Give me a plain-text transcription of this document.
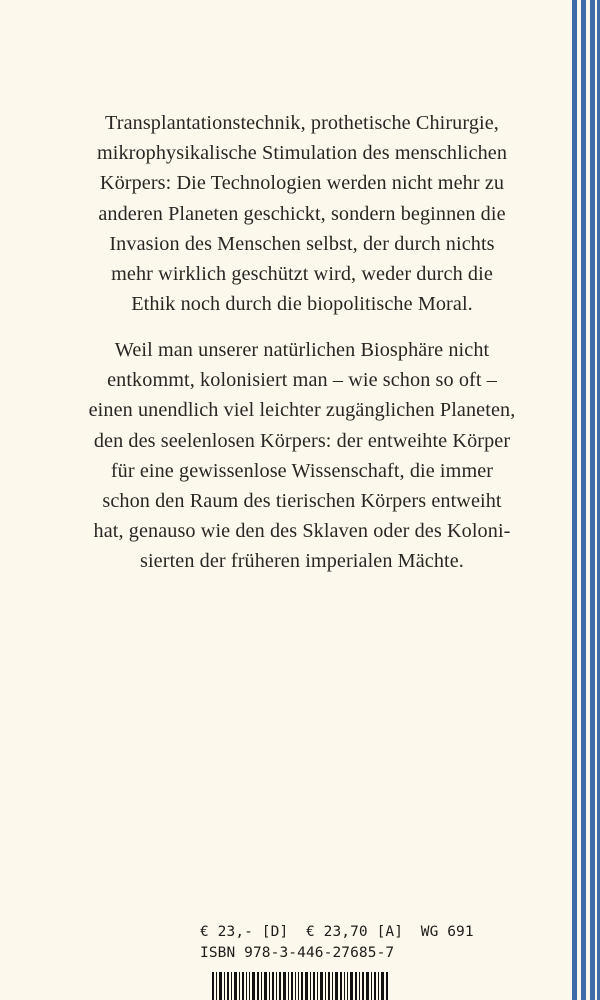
Transplantationstechnik, prothetische Chirurgie,
mikrophysikalische Stimulation des menschlichen
Körpers: Die Technologien werden nicht mehr zu
anderen Planeten geschickt, sondern beginnen die
Invasion des Menschen selbst, der durch nichts
mehr wirklich geschützt wird, weder durch die
Ethik noch durch die biopolitische Moral.
Weil man unserer natürlichen Biosphäre nicht
entkommt, kolonisiert man – wie schon so oft –
einen unendlich viel leichter zugänglichen Planeten,
den des seelenlosen Körpers: der entweihte Körper
für eine gewissenlose Wissenschaft, die immer
schon den Raum des tierischen Körpers entweiht
hat, genauso wie den des Sklaven oder des Koloni-
sierten der früheren imperialen Mächte.
€ 23,- [D]  € 23,70 [A]  WG 691
ISBN 978-3-446-27685-7
